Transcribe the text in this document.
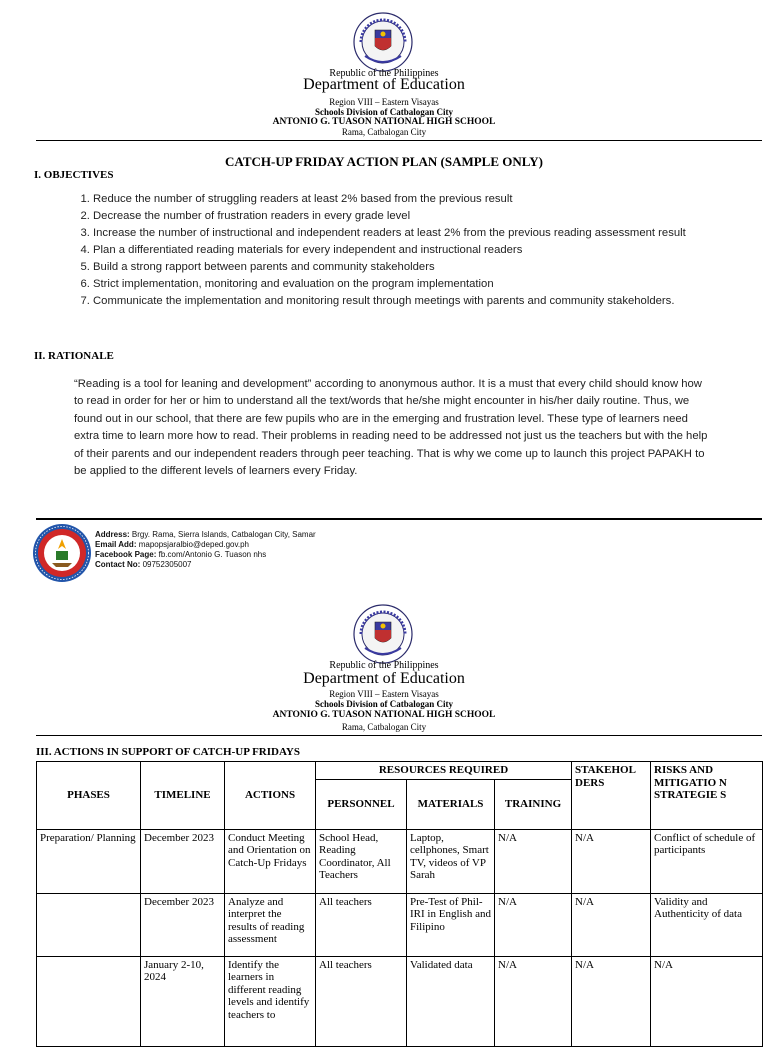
Republic of the Philippines
Department of Education
Region VIII – Eastern Visayas
Schools Division of Catbalogan City
ANTONIO G. TUASON NATIONAL HIGH SCHOOL
Rama, Catbalogan City
CATCH-UP FRIDAY ACTION PLAN (SAMPLE ONLY)
I. OBJECTIVES
1. Reduce the number of struggling readers at least 2% based from the previous result
2. Decrease the number of frustration readers in every grade level
3. Increase the number of instructional and independent readers at least 2% from the previous reading assessment result
4. Plan a differentiated reading materials for every independent and instructional readers
5. Build a strong rapport between parents and community stakeholders
6. Strict implementation, monitoring and evaluation on the program implementation
7. Communicate the implementation and monitoring result through meetings with parents and community stakeholders.
II. RATIONALE
“Reading is a tool for leaning and development” according to anonymous author. It is a must that every child should know how to read in order for her or him to understand all the text/words that he/she might encounter in his/her daily routine. Thus, we found out in our school, that there are few pupils who are in the emerging and frustration level. These type of learners need extra time to learn more how to read. Their problems in reading need to be addressed not just us the teachers but with the help of their parents and our independent readers through peer teaching. That is why we come up to launch this project PAPAKH to be applied to the different levels of learners every Friday.
Address: Brgy. Rama, Sierra Islands, Catbalogan City, Samar
Email Add: mapopsjaralbio@deped.gov.ph
Facebook Page: fb.com/Antonio G. Tuason nhs
Contact No: 09752305007
Republic of the Philippines
Department of Education
Region VIII – Eastern Visayas
Schools Division of Catbalogan City
ANTONIO G. TUASON NATIONAL HIGH SCHOOL
Rama, Catbalogan City
III. ACTIONS IN SUPPORT OF CATCH-UP FRIDAYS
PHASES	TIMELINE	ACTIONS	RESOURCES REQUIRED			STAKEHOL DERS	RISKS AND MITIGATIO N STRATEGIE S
			PERSONNEL	MATERIALS	TRAINING		
Preparation/ Planning	December 2023	Conduct Meeting and Orientation on Catch-Up Fridays	School Head, Reading Coordinator, All Teachers	Laptop, cellphones, Smart TV, videos of VP Sarah	N/A	N/A	Conflict of schedule of participants
	December 2023	Analyze and interpret the results of reading assessment	All teachers	Pre-Test of Phil-IRI in English and Filipino	N/A	N/A	Validity and Authenticity of data
	January 2-10, 2024	Identify the learners in different reading levels and identify teachers to	All teachers	Validated data	N/A	N/A	N/A
